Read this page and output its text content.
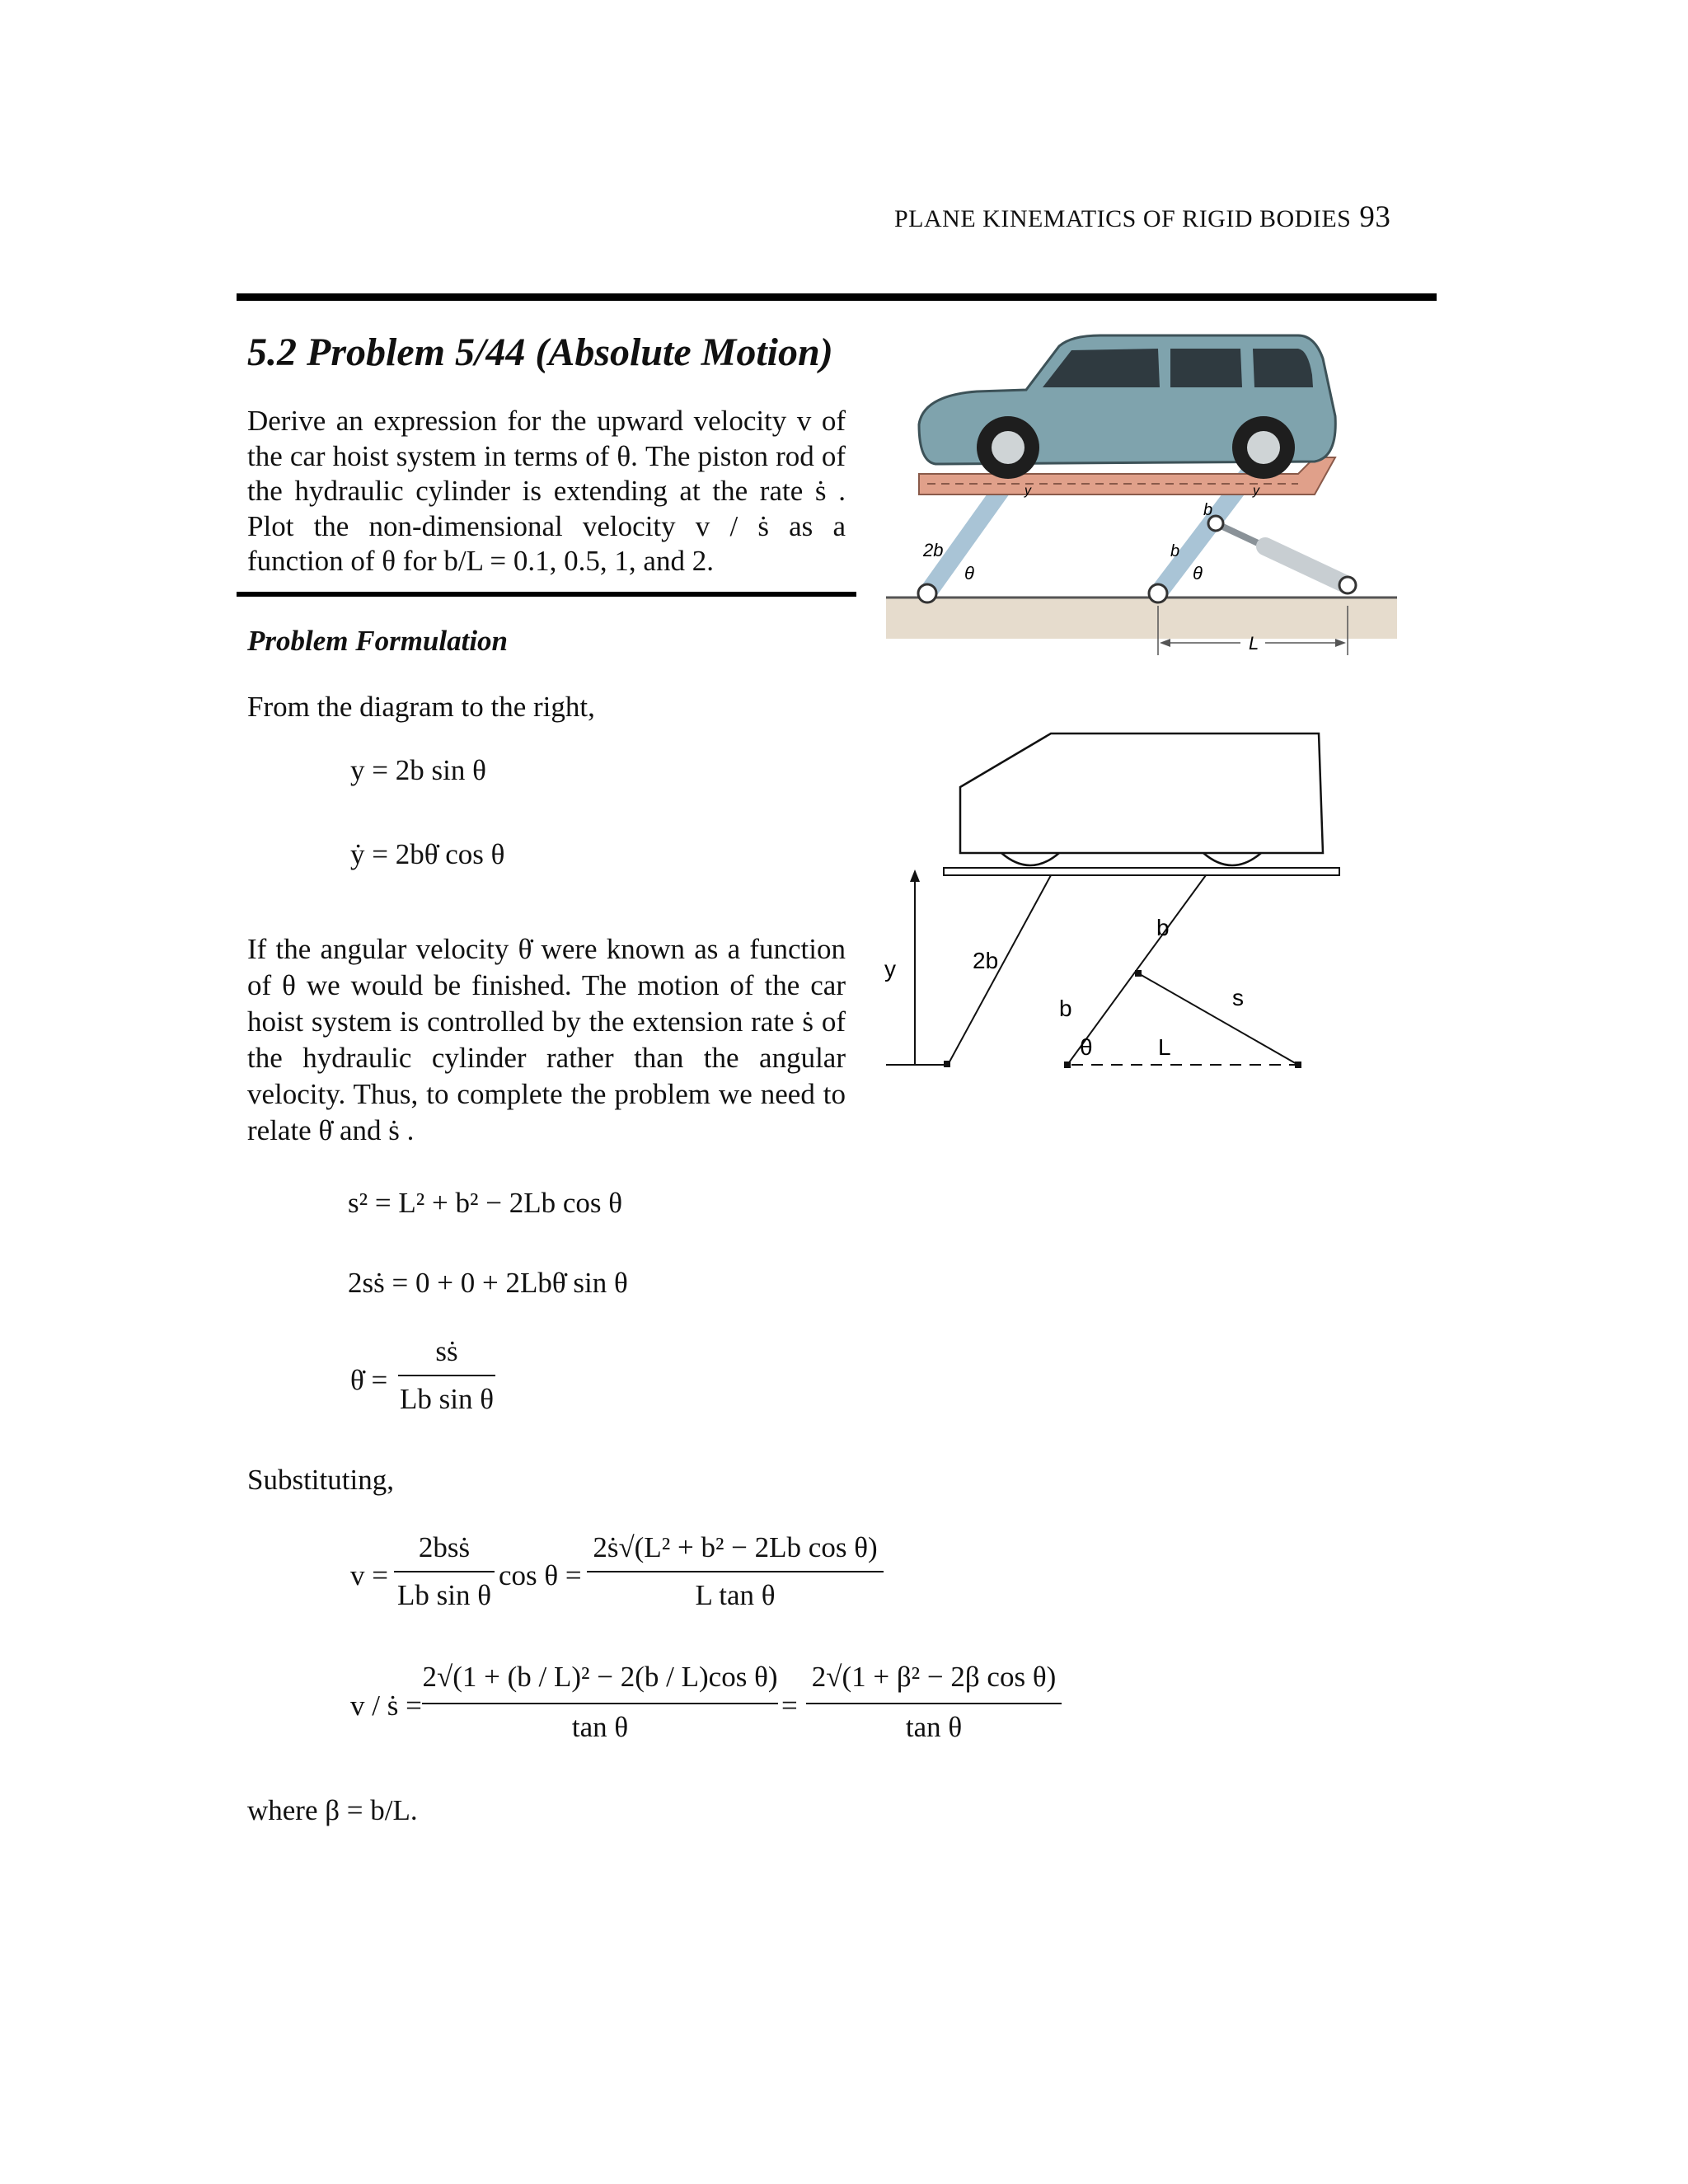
PLANE KINEMATICS OF RIGID BODIES 93
5.2 Problem 5/44 (Absolute Motion)
Derive an expression for the upward velocity v of the car hoist system in terms of θ. The piston rod of the hydraulic cylinder is extending at the rate ṡ . Plot the non-dimensional velocity v / ṡ as a function of θ for b/L = 0.1, 0.5, 1, and 2.
Problem Formulation
From the diagram to the right,
y = 2b sin θ
ẏ = 2bθ̇ cos θ
If the angular velocity θ̇ were known as a function of θ we would be finished. The motion of the car hoist system is controlled by the extension rate ṡ of the hydraulic cylinder rather than the angular velocity. Thus, to complete the problem we need to relate θ̇ and ṡ .
s² = L² + b² − 2Lb cos θ
2sṡ = 0 + 0 + 2Lbθ̇ sin θ
θ̇ =
sṡ
Lb sin θ
Substituting,
v =
2bsṡ
Lb sin θ
cos θ =
2ṡ√(L² + b² − 2Lb cos θ)
L tan θ
v / ṡ =
2√(1 + (b / L)² − 2(b / L)cos θ)
tan θ
=
2√(1 + β² − 2β cos θ)
tan θ
where β = b/L.
2b
θ
b
b
θ
y	y
L
y	2b
b
b
θ
s
L
